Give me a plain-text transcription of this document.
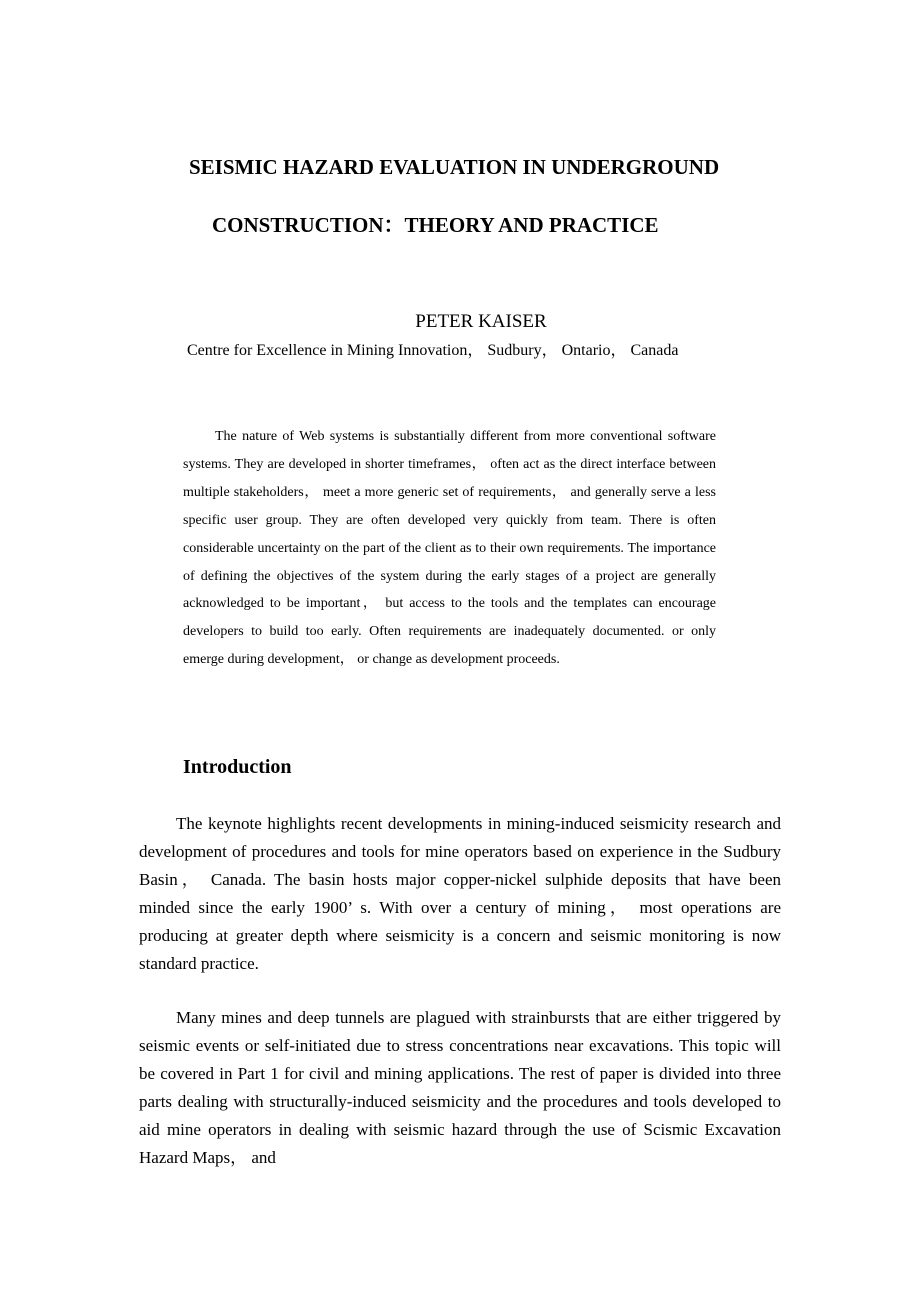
SEISMIC HAZARD EVALUATION IN UNDERGROUND
CONSTRUCTION：THEORY AND PRACTICE
PETER KAISER
Centre for Excellence in Mining Innovation， Sudbury， Ontario， Canada

The nature of Web systems is substantially different from more conventional software systems. They are developed in shorter timeframes， often act as the direct interface between multiple stakeholders， meet a more generic set of requirements， and generally serve a less specific user group. They are often developed very quickly from team. There is often considerable uncertainty on the part of the client as to their own requirements. The importance of defining the objectives of the system during the early stages of a project are generally acknowledged to be important， but access to the tools and the templates can encourage developers to build too early. Often requirements are inadequately documented. or only emerge during development， or change as development proceeds.

Introduction

The keynote highlights recent developments in mining-induced seismicity research and development of procedures and tools for mine operators based on experience in the Sudbury Basin， Canada. The basin hosts major copper-nickel sulphide deposits that have been minded since the early 1900’ s. With over a century of mining， most operations are producing at greater depth where seismicity is a concern and seismic monitoring is now standard practice.

Many mines and deep tunnels are plagued with strainbursts that are either triggered by seismic events or self-initiated due to stress concentrations near excavations. This topic will be covered in Part 1 for civil and mining applications. The rest of paper is divided into three parts dealing with structurally-induced seismicity and the procedures and tools developed to aid mine operators in dealing with seismic hazard through the use of Scismic Excavation Hazard Maps， and
